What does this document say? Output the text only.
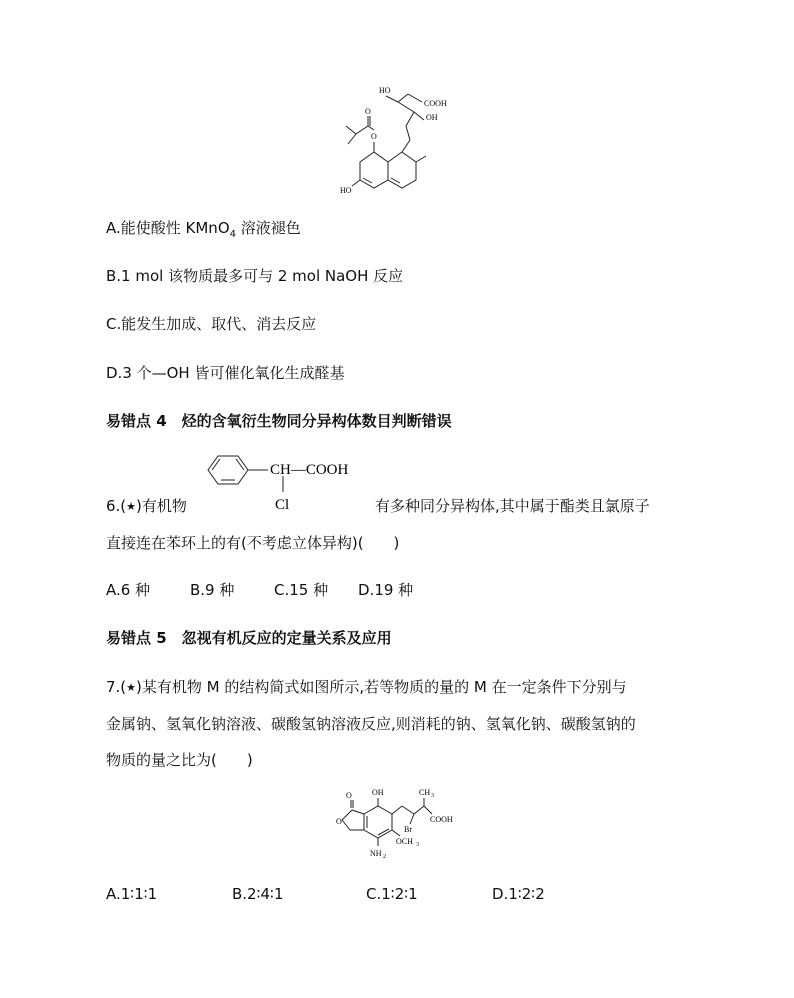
HO
COOH
OH
O
O
HO
A.能使酸性 KMnO$_4$ 溶液褪色
B.1 mol 该物质最多可与 2 mol NaOH 反应
C.能发生加成、取代、消去反应
D.3 个—OH 皆可催化氧化生成醛基
易错点 4　烃的含氧衍生物同分异构体数目判断错误
CH—COOH
Cl
6.(★)有机物	有多种同分异构体,其中属于酯类且氯原子
直接连在苯环上的有(不考虑立体异构)(　　)
A.6 种	B.9 种	C.15 种 D.19 种
易错点 5　忽视有机反应的定量关系及应用
7.(★)某有机物 M 的结构简式如图所示,若等物质的量的 M 在一定条件下分别与
金属钠、氢氧化钠溶液、碳酸氢钠溶液反应,则消耗的钠、氢氧化钠、碳酸氢钠的
物质的量之比为(　　)
O	OH	CH 3
COOH
O
Br
OCH 3
NH 2
A.1∶1∶1	B.2∶4∶1	C.1∶2∶1	D.1∶2∶2
